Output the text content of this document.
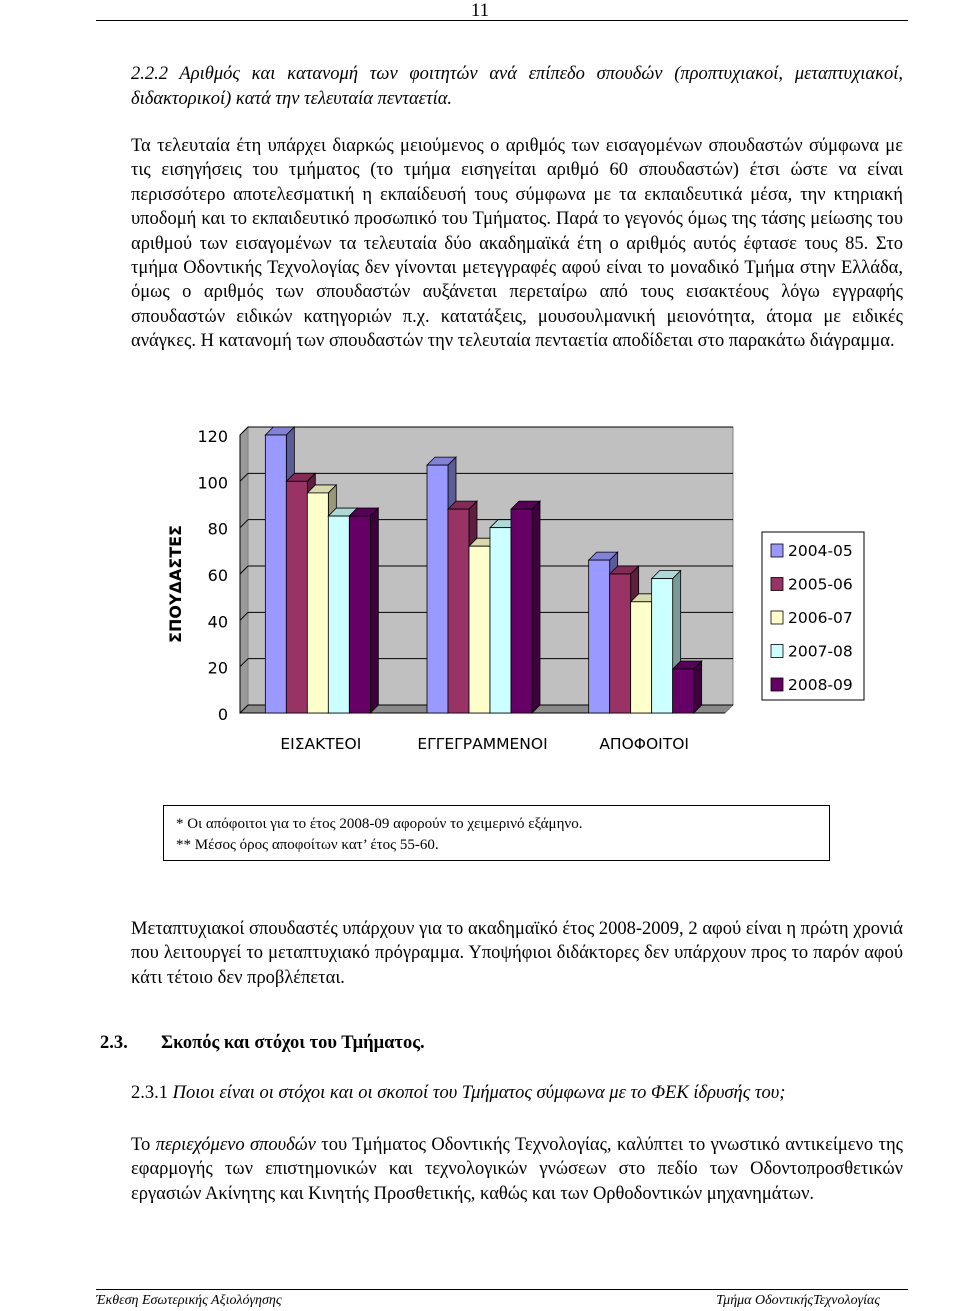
11
2.2.2 Αριθμός και κατανομή των φοιτητών ανά επίπεδο σπουδών (προπτυχιακοί, μεταπτυχιακοί, διδακτορικοί) κατά την τελευταία πενταετία.

Τα τελευταία έτη υπάρχει διαρκώς μειούμενος ο αριθμός των εισαγομένων σπουδαστών σύμφωνα με τις εισηγήσεις του τμήματος (το τμήμα εισηγείται αριθμό 60 σπουδαστών) έτσι ώστε να είναι περισσότερο αποτελεσματική η εκπαίδευσή τους σύμφωνα με τα εκπαιδευτικά μέσα, την κτηριακή υποδομή και το εκπαιδευτικό προσωπικό του Τμήματος. Παρά το γεγονός όμως της τάσης μείωσης του αριθμού των εισαγομένων τα τελευταία δύο ακαδημαϊκά έτη ο αριθμός αυτός έφτασε τους 85. Στο τμήμα Οδοντικής Τεχνολογίας δεν γίνονται μετεγγραφές αφού είναι το μοναδικό Τμήμα στην Ελλάδα, όμως ο αριθμός των σπουδαστών αυξάνεται περεταίρω από τους εισακτέους λόγω εγγραφής σπουδαστών ειδικών κατηγοριών π.χ. κατατάξεις, μουσουλμανική μειονότητα, άτομα με ειδικές ανάγκες. Η κατανομή των σπουδαστών την τελευταία πενταετία αποδίδεται στο παρακάτω διάγραμμα.

0
20
40
60
80
100
120
ΣΠΟΥΔΑΣΤΕΣ
ΕΙΣΑΚΤΕΟΙ	ΕΓΓΕΓΡΑΜΜΕΝΟΙ	ΑΠΟΦΟΙΤΟΙ
2004-05
2005-06
2006-07
2007-08
2008-09
* Οι απόφοιτοι για το έτος 2008-09 αφορούν το χειμερινό εξάμηνο.
** Μέσος όρος αποφοίτων κατ’ έτος 55-60.

Μεταπτυχιακοί σπουδαστές υπάρχουν για το ακαδημαϊκό έτος 2008-2009, 2 αφού είναι η πρώτη χρονιά που λειτουργεί το μεταπτυχιακό πρόγραμμα. Υποψήφιοι διδάκτορες δεν υπάρχουν προς το παρόν αφού κάτι τέτοιο δεν προβλέπεται.

2.3. Σκοπός και στόχοι του Τμήματος.
2.3.1 Ποιοι είναι οι στόχοι και οι σκοποί του Τμήματος σύμφωνα με το ΦΕΚ ίδρυσής του;

Το περιεχόμενο σπουδών του Τμήματος Οδοντικής Τεχνολογίας, καλύπτει το γνωστικό αντικείμενο της εφαρμογής των επιστημονικών και τεχνολογικών γνώσεων στο πεδίο των Οδοντοπροσθετικών εργασιών Ακίνητης και Κινητής Προσθετικής, καθώς και των Ορθοδοντικών μηχανημάτων.

Έκθεση Εσωτερικής Αξιολόγησης	Τμήμα ΟδοντικήςΤεχνολογίας
